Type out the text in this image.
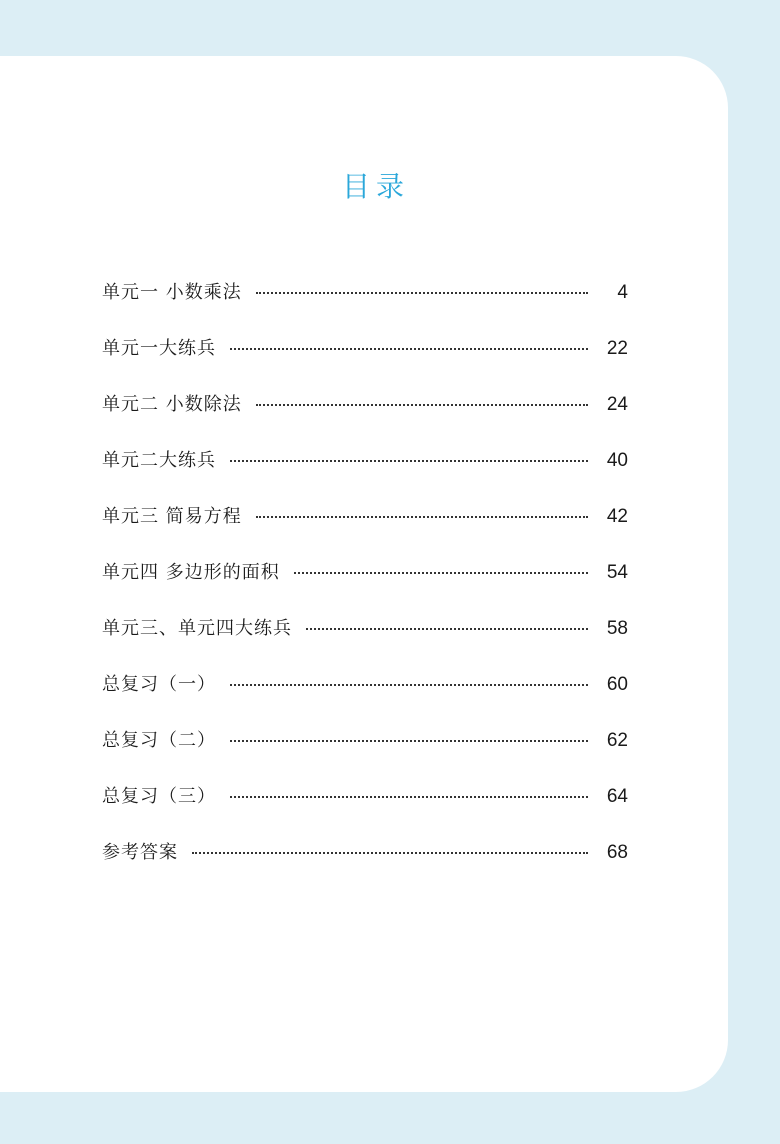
目录
单元一 小数乘法	4
单元一大练兵	22
单元二 小数除法	24
单元二大练兵	40
单元三 简易方程	42
单元四 多边形的面积	54
单元三、单元四大练兵	58
总复习（一）	60
总复习（二）	62
总复习（三）	64
参考答案	68
